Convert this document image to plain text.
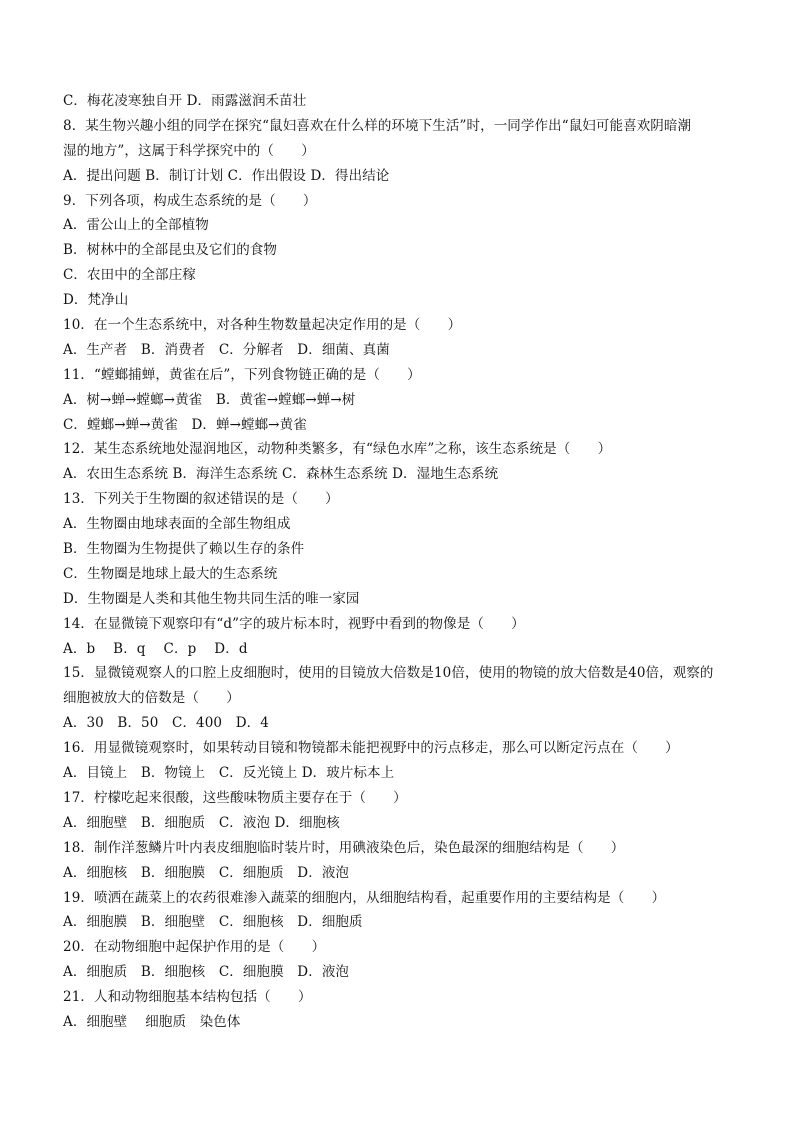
C．梅花凌寒独自开 D．雨露滋润禾苗壮
8．某生物兴趣小组的同学在探究“鼠妇喜欢在什么样的环境下生活”时，一同学作出“鼠妇可能喜欢阴暗潮
湿的地方”，这属于科学探究中的（　　）
A．提出问题 B．制订计划 C．作出假设 D．得出结论
9．下列各项，构成生态系统的是（　　）
A．雷公山上的全部植物
B．树林中的全部昆虫及它们的食物
C．农田中的全部庄稼
D．梵净山
10．在一个生态系统中，对各种生物数量起决定作用的是（　　）
A．生产者　B．消费者　C．分解者　D．细菌、真菌
11．“螳螂捕蝉，黄雀在后”，下列食物链正确的是（　　）
A．树→蝉→螳螂→黄雀　B．黄雀→螳螂→蝉→树
C．螳螂→蝉→黄雀　D．蝉→螳螂→黄雀
12．某生态系统地处湿润地区，动物种类繁多，有“绿色水库”之称，该生态系统是（　　）
A．农田生态系统 B．海洋生态系统 C．森林生态系统 D．湿地生态系统
13．下列关于生物圈的叙述错误的是（　　）
A．生物圈由地球表面的全部生物组成
B．生物圈为生物提供了赖以生存的条件
C．生物圈是地球上最大的生态系统
D．生物圈是人类和其他生物共同生活的唯一家园
14．在显微镜下观察印有“d”字的玻片标本时，视野中看到的物像是（　　）
A．b　 B．q　 C．p　 D．d
15．显微镜观察人的口腔上皮细胞时，使用的目镜放大倍数是10倍，使用的物镜的放大倍数是40倍，观察的
细胞被放大的倍数是（　　）
A．30　B．50　C．400　D．4
16．用显微镜观察时，如果转动目镜和物镜都未能把视野中的污点移走，那么可以断定污点在（　　）
A．目镜上　B．物镜上　C．反光镜上 D．玻片标本上
17．柠檬吃起来很酸，这些酸味物质主要存在于（　　）
A．细胞壁　B．细胞质　C．液泡 D．细胞核
18．制作洋葱鳞片叶内表皮细胞临时装片时，用碘液染色后，染色最深的细胞结构是（　　）
A．细胞核　B．细胞膜　C．细胞质　D．液泡
19．喷洒在蔬菜上的农药很难渗入蔬菜的细胞内，从细胞结构看，起重要作用的主要结构是（　　）
A．细胞膜　B．细胞壁　C．细胞核　D．细胞质
20．在动物细胞中起保护作用的是（　　）
A．细胞质　B．细胞核　C．细胞膜　D．液泡
21．人和动物细胞基本结构包括（　　）
A．细胞壁　 细胞质　染色体
